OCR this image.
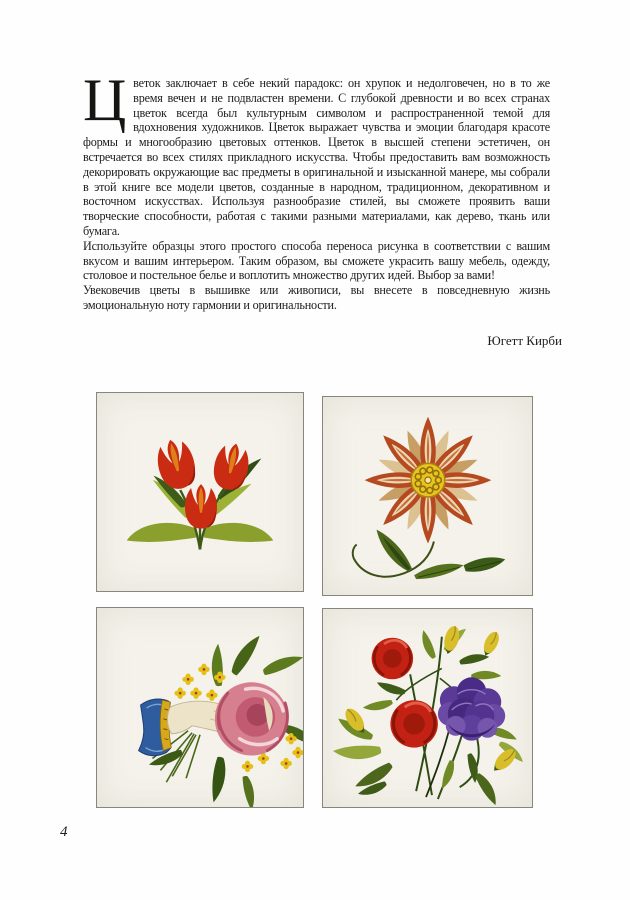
Цветок заключает в себе некий парадокс: он хрупок и недолговечен, но в то же время вечен и не подвластен времени. С глубокой древности и во всех странах цветок всегда был культурным символом и распространенной темой для вдохновения художников. Цветок выражает чувства и эмоции благодаря красоте формы и многообразию цветовых оттенков. Цветок в высшей степени эстетичен, он встречается во всех стилях прикладного искусства. Чтобы предоставить вам возможность декорировать окружающие вас предметы в оригинальной и изысканной манере, мы собрали в этой книге все модели цветов, созданные в народном, традиционном, декоративном и восточном искусствах. Используя разнообразие стилей, вы сможете проявить ваши творческие способности, работая с такими разными материалами, как дерево, ткань или бумага.

Используйте образцы этого простого способа переноса рисунка в соответствии с вашим вкусом и вашим интерьером. Таким образом, вы сможете украсить вашу мебель, одежду, столовое и постельное белье и воплотить множество других идей. Выбор за вами!

Увековечив цветы в вышивке или живописи, вы внесете в повседневную жизнь эмоциональную ноту гармонии и оригинальности.

Югетт Кирби
4
